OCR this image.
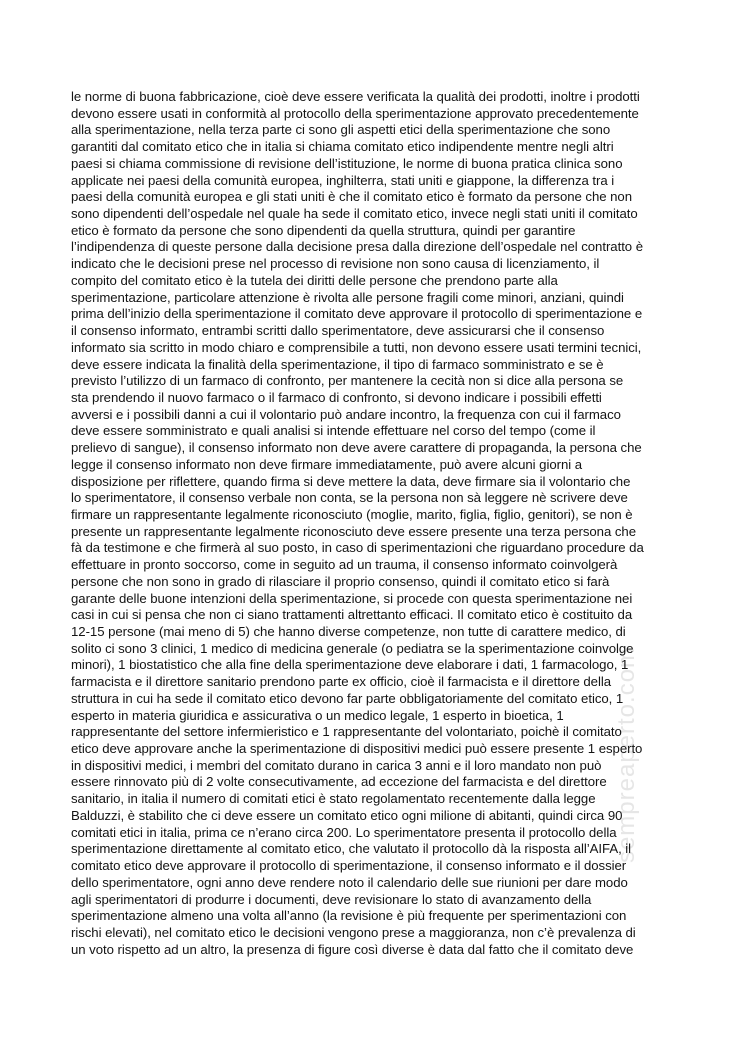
sempreaperto.com
le norme di buona fabbricazione, cioè deve essere verificata la qualità dei prodotti, inoltre i prodotti
devono essere usati in conformità al protocollo della sperimentazione approvato precedentemente
alla sperimentazione, nella terza parte ci sono gli aspetti etici della sperimentazione che sono
garantiti dal comitato etico che in italia si chiama comitato etico indipendente mentre negli altri
paesi si chiama commissione di revisione dell’istituzione, le norme di buona pratica clinica sono
applicate nei paesi della comunità europea, inghilterra, stati uniti e giappone, la differenza tra i
paesi della comunità europea e gli stati uniti è che il comitato etico è formato da persone che non
sono dipendenti dell’ospedale nel quale ha sede il comitato etico, invece negli stati uniti il comitato
etico è formato da persone che sono dipendenti da quella struttura, quindi per garantire
l’indipendenza di queste persone dalla decisione presa dalla direzione dell’ospedale nel contratto è
indicato che le decisioni prese nel processo di revisione non sono causa di licenziamento, il
compito del comitato etico è la tutela dei diritti delle persone che prendono parte alla
sperimentazione, particolare attenzione è rivolta alle persone fragili come minori, anziani, quindi
prima dell’inizio della sperimentazione il comitato deve approvare il protocollo di sperimentazione e
il consenso informato, entrambi scritti dallo sperimentatore, deve assicurarsi che il consenso
informato sia scritto in modo chiaro e comprensibile a tutti, non devono essere usati termini tecnici,
deve essere indicata la finalità della sperimentazione, il tipo di farmaco somministrato e se è
previsto l’utilizzo di un farmaco di confronto, per mantenere la cecità non si dice alla persona se
sta prendendo il nuovo farmaco o il farmaco di confronto, si devono indicare i possibili effetti
avversi e i possibili danni a cui il volontario può andare incontro, la frequenza con cui il farmaco
deve essere somministrato e quali analisi si intende effettuare nel corso del tempo (come il
prelievo di sangue), il consenso informato non deve avere carattere di propaganda, la persona che
legge il consenso informato non deve firmare immediatamente, può avere alcuni giorni a
disposizione per riflettere, quando firma si deve mettere la data, deve firmare sia il volontario che
lo sperimentatore, il consenso verbale non conta, se la persona non sà leggere nè scrivere deve
firmare un rappresentante legalmente riconosciuto (moglie, marito, figlia, figlio, genitori), se non è
presente un rappresentante legalmente riconosciuto deve essere presente una terza persona che
fà da testimone e che firmerà al suo posto, in caso di sperimentazioni che riguardano procedure da
effettuare in pronto soccorso, come in seguito ad un trauma, il consenso informato coinvolgerà
persone che non sono in grado di rilasciare il proprio consenso, quindi il comitato etico si farà
garante delle buone intenzioni della sperimentazione, si procede con questa sperimentazione nei
casi in cui si pensa che non ci siano trattamenti altrettanto efficaci. Il comitato etico è costituito da
12-15 persone (mai meno di 5) che hanno diverse competenze, non tutte di carattere medico, di
solito ci sono 3 clinici, 1 medico di medicina generale (o pediatra se la sperimentazione coinvolge
minori), 1 biostatistico che alla fine della sperimentazione deve elaborare i dati, 1 farmacologo, 1
farmacista e il direttore sanitario prendono parte ex officio, cioè il farmacista e il direttore della
struttura in cui ha sede il comitato etico devono far parte obbligatoriamente del comitato etico, 1
esperto in materia giuridica e assicurativa o un medico legale, 1 esperto in bioetica, 1
rappresentante del settore infermieristico e 1 rappresentante del volontariato, poichè il comitato
etico deve approvare anche la sperimentazione di dispositivi medici può essere presente 1 esperto
in dispositivi medici, i membri del comitato durano in carica 3 anni e il loro mandato non può
essere rinnovato più di 2 volte consecutivamente, ad eccezione del farmacista e del direttore
sanitario, in italia il numero di comitati etici è stato regolamentato recentemente dalla legge
Balduzzi, è stabilito che ci deve essere un comitato etico ogni milione di abitanti, quindi circa 90
comitati etici in italia, prima ce n’erano circa 200. Lo sperimentatore presenta il protocollo della
sperimentazione direttamente al comitato etico, che valutato il protocollo dà la risposta all’AIFA, il
comitato etico deve approvare il protocollo di sperimentazione, il consenso informato e il dossier
dello sperimentatore, ogni anno deve rendere noto il calendario delle sue riunioni per dare modo
agli sperimentatori di produrre i documenti, deve revisionare lo stato di avanzamento della
sperimentazione almeno una volta all’anno (la revisione è più frequente per sperimentazioni con
rischi elevati), nel comitato etico le decisioni vengono prese a maggioranza, non c’è prevalenza di
un voto rispetto ad un altro, la presenza di figure così diverse è data dal fatto che il comitato deve
